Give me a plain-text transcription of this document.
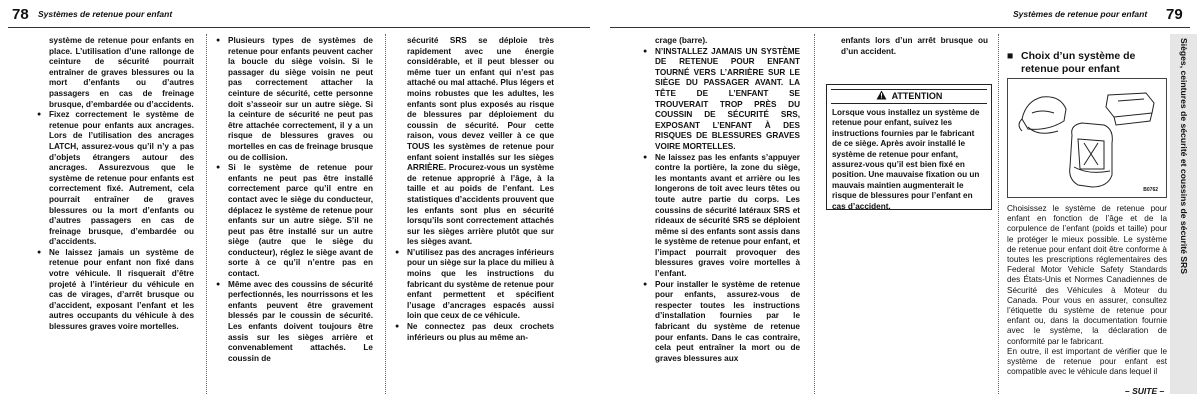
78 Systèmes de retenue pour enfant

système de retenue pour enfants en place. L’utilisation d’une rallonge de ceinture de sécurité pourrait entraîner de graves blessures ou la mort d’enfants ou d’autres passagers en cas de freinage brusque, d’embardée ou d’accidents.

● Fixez correctement le système de retenue pour enfants aux ancrages. Lors de l’utilisation des ancrages LATCH, assurez-vous qu’il n’y a pas d’objets étrangers autour des ancrages. Assurezvous que le système de retenue pour enfants est correctement fixé. Autrement, cela pourrait entraîner de graves blessures ou la mort d’enfants ou d’autres passagers en cas de freinage brusque, d’embardée ou d’accidents.

● Ne laissez jamais un système de retenue pour enfant non fixé dans votre véhicule. Il risquerait d’être projeté à l’intérieur du véhicule en cas de virages, d’arrêt brusque ou d’accident, exposant l’enfant et les autres occupants du véhicule à des blessures graves voire mortelles.

● Plusieurs types de systèmes de retenue pour enfants peuvent cacher la boucle du siège voisin. Si le passager du siège voisin ne peut pas correctement attacher la ceinture de sécurité, cette personne doit s’asseoir sur un autre siège. Si la ceinture de sécurité ne peut pas être attachée correctement, il y a un risque de blessures graves ou mortelles en cas de freinage brusque ou de collision.

● Si le système de retenue pour enfants ne peut pas être installé correctement parce qu’il entre en contact avec le siège du conducteur, déplacez le système de retenue pour enfants sur un autre siège. S’il ne peut pas être installé sur un autre siège (autre que le siège du conducteur), réglez le siège avant de sorte à ce qu’il n’entre pas en contact.

● Même avec des coussins de sécurité perfectionnés, les nourrissons et les enfants peuvent être gravement blessés par le coussin de sécurité. Les enfants doivent toujours être assis sur les sièges arrière et convenablement attachés. Le coussin de

sécurité SRS se déploie très rapidement avec une énergie considérable, et il peut blesser ou même tuer un enfant qui n’est pas attaché ou mal attaché. Plus légers et moins robustes que les adultes, les enfants sont plus exposés au risque de blessures par déploiement du coussin de sécurité. Pour cette raison, vous devez veiller à ce que TOUS les systèmes de retenue pour enfant soient installés sur les sièges ARRIÈRE. Procurez-vous un système de retenue approprié à l’âge, à la taille et au poids de l’enfant. Les statistiques d’accidents prouvent que les enfants sont plus en sécurité lorsqu’ils sont correctement attachés sur les sièges arrière plutôt que sur les sièges avant.

● N’utilisez pas des ancrages inférieurs pour un siège sur la place du milieu à moins que les instructions du fabricant du système de retenue pour enfant permettent et spécifient l’usage d’ancrages espacés aussi loin que ceux de ce véhicule.

● Ne connectez pas deux crochets inférieurs ou plus au même an-

Systèmes de retenue pour enfant 79

crage (barre).

● N’INSTALLEZ JAMAIS UN SYSTÈME DE RETENUE POUR ENFANT TOURNÉ VERS L’ARRIÈRE SUR LE SIÈGE DU PASSAGER AVANT. LA TÊTE DE L’ENFANT SE TROUVERAIT TROP PRÈS DU COUSSIN DE SÉCURITÉ SRS, EXPOSANT L’ENFANT À DES RISQUES DE BLESSURES GRAVES VOIRE MORTELLES.

● Ne laissez pas les enfants s’appuyer contre la portière, la zone du siège, les montants avant et arrière ou les longerons de toit avec leurs têtes ou toute autre partie du corps. Les coussins de sécurité latéraux SRS et rideaux de sécurité SRS se déploient même si des enfants sont assis dans le système de retenue pour enfant, et l’impact pourrait provoquer des blessures graves voire mortelles à l’enfant.

● Pour installer le système de retenue pour enfants, assurez-vous de respecter toutes les instructions d’installation fournies par le fabricant du système de retenue pour enfants. Dans le cas contraire, cela peut entraîner la mort ou de graves blessures aux

enfants lors d’un arrêt brusque ou d’un accident.

ATTENTION
Lorsque vous installez un système de retenue pour enfant, suivez les instructions fournies par le fabricant de ce siège. Après avoir installé le système de retenue pour enfant, assurez-vous qu’il est bien fixé en position. Une mauvaise fixation ou un mauvais maintien augmenterait le risque de blessures pour l’enfant en cas d’accident.
■ Choix d’un système de retenue pour enfant
B0762

Choisissez le système de retenue pour enfant en fonction de l’âge et de la corpulence de l’enfant (poids et taille) pour le protéger le mieux possible. Le système de retenue pour enfant doit être conforme à toutes les prescriptions réglementaires des Federal Motor Vehicle Safety Standards des États-Unis et Normes Canadiennes de Sécurité des Véhicules à Moteur du Canada. Pour vous en assurer, consultez l’étiquette du système de retenue pour enfant ou, dans la documentation fournie avec le système, la déclaration de conformité par le fabricant.

En outre, il est important de vérifier que le système de retenue pour enfant est compatible avec le véhicule dans lequel il

– SUITE –
Sièges, ceintures de sécurité et coussins de sécurité SRS
